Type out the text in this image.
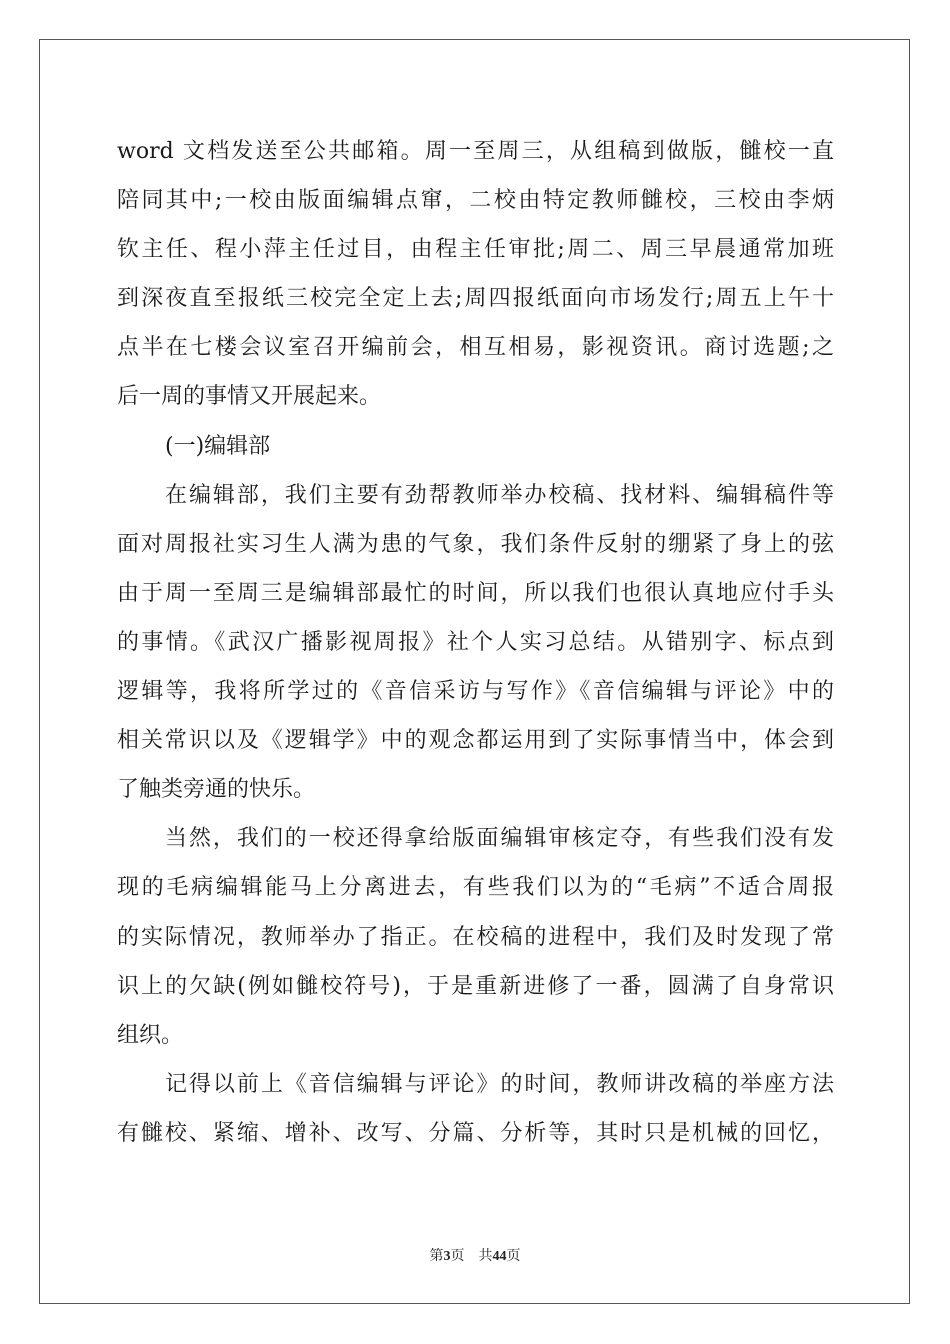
word 文档发送至公共邮箱。周一至周三，从组稿到做版，雠校一直
陪同其中;一校由版面编辑点窜，二校由特定教师雠校，三校由李炳
钦主任、程小萍主任过目，由程主任审批;周二、周三早晨通常加班
到深夜直至报纸三校完全定上去;周四报纸面向市场发行;周五上午十
点半在七楼会议室召开编前会，相互相易，影视资讯。商讨选题;之
后一周的事情又开展起来。
(一)编辑部
在编辑部，我们主要有劲帮教师举办校稿、找材料、编辑稿件等
面对周报社实习生人满为患的气象，我们条件反射的绷紧了身上的弦
由于周一至周三是编辑部最忙的时间，所以我们也很认真地应付手头
的事情。《武汉广播影视周报》社个人实习总结。从错别字、标点到
逻辑等，我将所学过的《音信采访与写作》《音信编辑与评论》中的
相关常识以及《逻辑学》中的观念都运用到了实际事情当中，体会到
了触类旁通的快乐。
当然，我们的一校还得拿给版面编辑审核定夺，有些我们没有发
现的毛病编辑能马上分离进去，有些我们以为的“毛病”不适合周报
的实际情况，教师举办了指正。在校稿的进程中，我们及时发现了常
识上的欠缺(例如雠校符号)，于是重新进修了一番，圆满了自身常识
组织。
记得以前上《音信编辑与评论》的时间，教师讲改稿的举座方法
有雠校、紧缩、增补、改写、分篇、分析等，其时只是机械的回忆，
第3页 共44页
